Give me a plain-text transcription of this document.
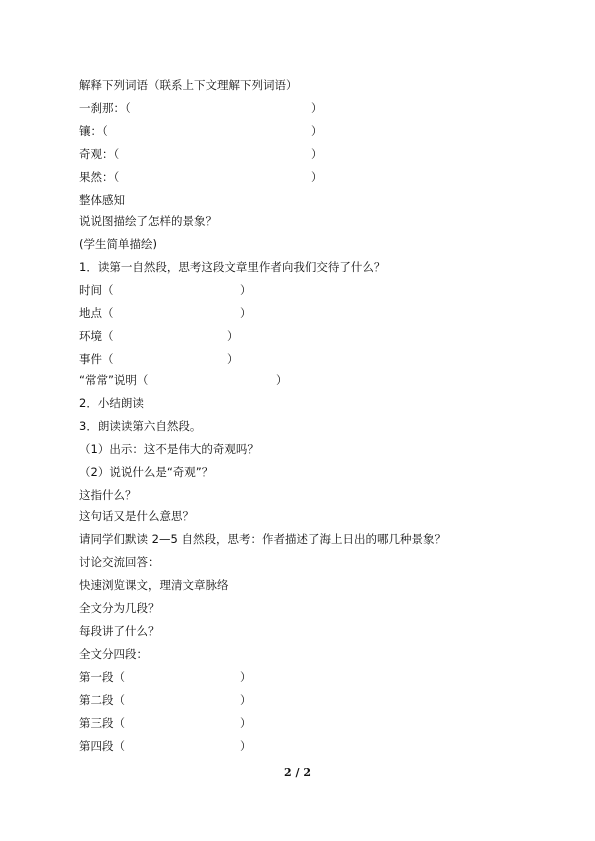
解释下列词语（联系上下文理解下列词语）

一刹那：（	）

镶：（	）

奇观：（	）

果然：（	）

整体感知

说说图描绘了怎样的景象？

(学生简单描绘)

1．读第一自然段，思考这段文章里作者向我们交待了什么？

时间（	）

地点（	）

环境（	）

事件（	）

“常常”说明（	）

2．小结朗读

3．朗读读第六自然段。

（1）出示：这不是伟大的奇观吗？

（2）说说什么是“奇观”？

这指什么？

这句话又是什么意思？

请同学们默读 2—5 自然段，思考：作者描述了海上日出的哪几种景象？

讨论交流回答：

快速浏览课文，理清文章脉络

全文分为几段？

每段讲了什么？

全文分四段：

第一段（	）

第二段（	）

第三段（	）

第四段（	）

2 / 2
